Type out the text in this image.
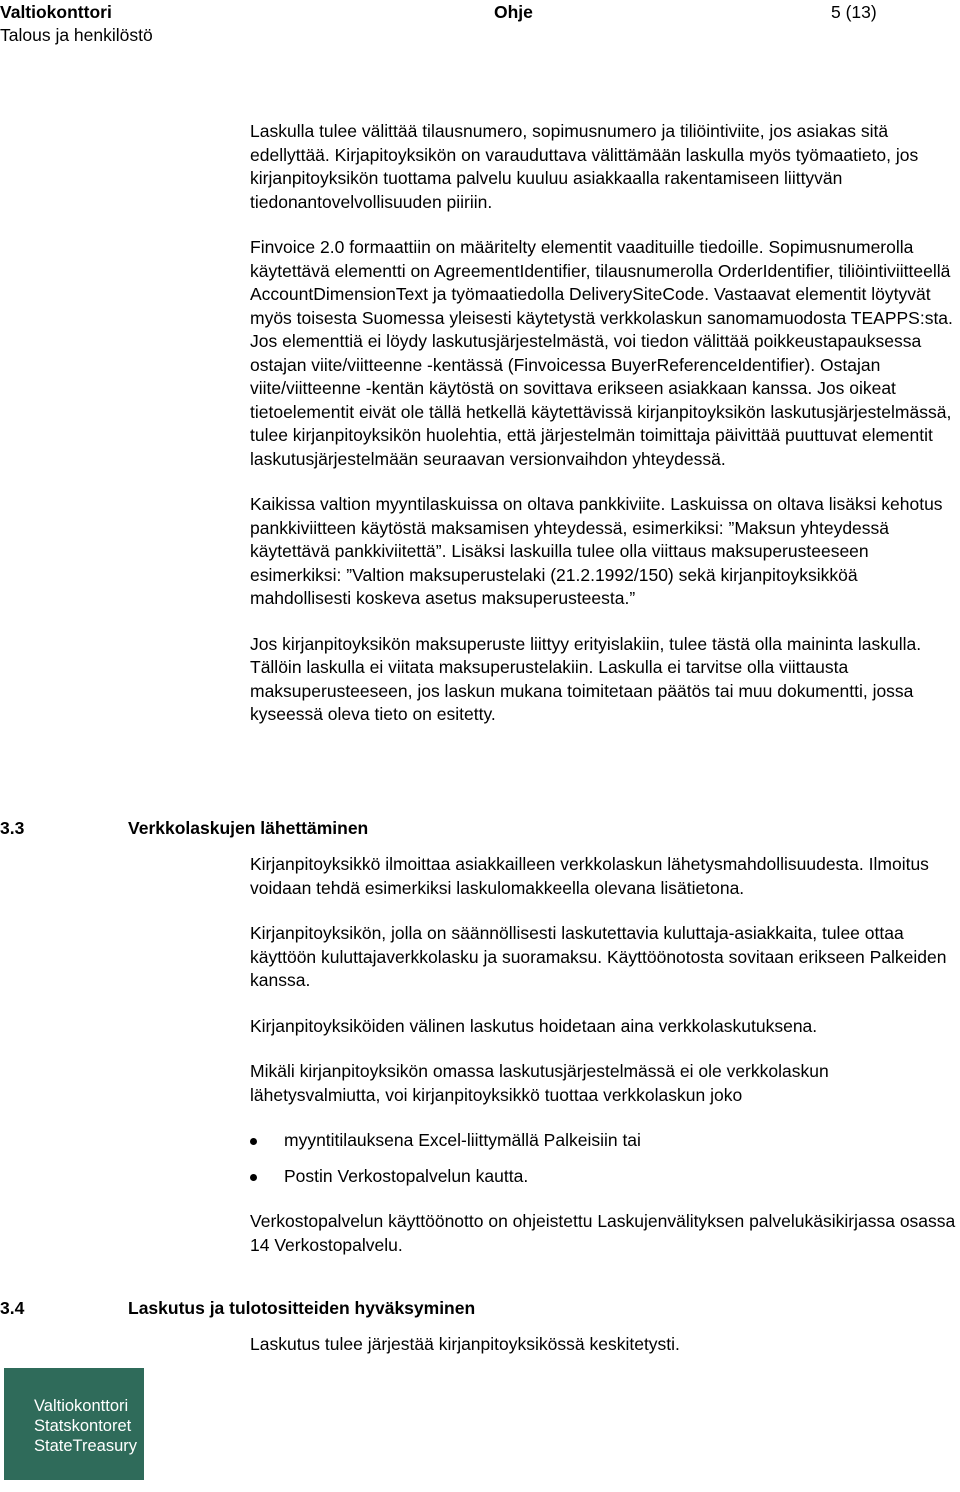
Valtiokonttori	Ohje	5 (13)
Talous ja henkilöstö

Laskulla tulee välittää tilausnumero, sopimusnumero ja tiliöintiviite, jos asiakas sitä edellyttää. Kirjapitoyksikön on varauduttava välittämään laskulla myös työmaatieto, jos kirjanpitoyksikön tuottama palvelu kuuluu asiakkaalla rakentamiseen liittyvän tiedonantovelvollisuuden piiriin.

Finvoice 2.0 formaattiin on määritelty elementit vaadituille tiedoille. Sopimusnumerolla käytettävä elementti on AgreementIdentifier, tilausnumerolla OrderIdentifier, tiliöintiviitteellä AccountDimensionText ja työmaatiedolla DeliverySiteCode. Vastaavat elementit löytyvät myös toisesta Suomessa yleisesti käytetystä verkkolaskun sanomamuodosta TEAPPS:sta. Jos elementtiä ei löydy laskutusjärjestelmästä, voi tiedon välittää poikkeustapauksessa ostajan viite/viitteenne -kentässä (Finvoicessa BuyerReferenceIdentifier). Ostajan viite/viitteenne -kentän käytöstä on sovittava erikseen asiakkaan kanssa. Jos oikeat tietoelementit eivät ole tällä hetkellä käytettävissä kirjanpitoyksikön laskutusjärjestelmässä, tulee kirjanpitoyksikön huolehtia, että järjestelmän toimittaja päivittää puuttuvat elementit laskutusjärjestelmään seuraavan versionvaihdon yhteydessä.

Kaikissa valtion myyntilaskuissa on oltava pankkiviite. Laskuissa on oltava lisäksi kehotus pankkiviitteen käytöstä maksamisen yhteydessä, esimerkiksi: ”Maksun yhteydessä käytettävä pankkiviitettä”. Lisäksi laskuilla tulee olla viittaus maksuperusteeseen esimerkiksi: ”Valtion maksuperustelaki (21.2.1992/150) sekä kirjanpitoyksikköä mahdollisesti koskeva asetus maksuperusteesta.”

Jos kirjanpitoyksikön maksuperuste liittyy erityislakiin, tulee tästä olla maininta laskulla. Tällöin laskulla ei viitata maksuperustelakiin. Laskulla ei tarvitse olla viittausta maksuperusteeseen, jos laskun mukana toimitetaan päätös tai muu dokumentti, jossa kyseessä oleva tieto on esitetty.

3.3	Verkkolaskujen lähettäminen

Kirjanpitoyksikkö ilmoittaa asiakkailleen verkkolaskun lähetysmahdollisuudesta. Ilmoitus voidaan tehdä esimerkiksi laskulomakkeella olevana lisätietona.

Kirjanpitoyksikön, jolla on säännöllisesti laskutettavia kuluttaja-asiakkaita, tulee ottaa käyttöön kuluttajaverkkolasku ja suoramaksu. Käyttöönotosta sovitaan erikseen Palkeiden kanssa.

Kirjanpitoyksiköiden välinen laskutus hoidetaan aina verkkolaskutuksena.

Mikäli kirjanpitoyksikön omassa laskutusjärjestelmässä ei ole verkkolaskun lähetysvalmiutta, voi kirjanpitoyksikkö tuottaa verkkolaskun joko

myyntitilauksena Excel-liittymällä Palkeisiin tai
Postin Verkostopalvelun kautta.

Verkostopalvelun käyttöönotto on ohjeistettu Laskujenvälityksen palvelukäsikirjassa osassa 14 Verkostopalvelu.

3.4	Laskutus ja tulotositteiden hyväksyminen

Laskutus tulee järjestää kirjanpitoyksikössä keskitetysti.

Valtiokonttori
Statskontoret
StateTreasury
